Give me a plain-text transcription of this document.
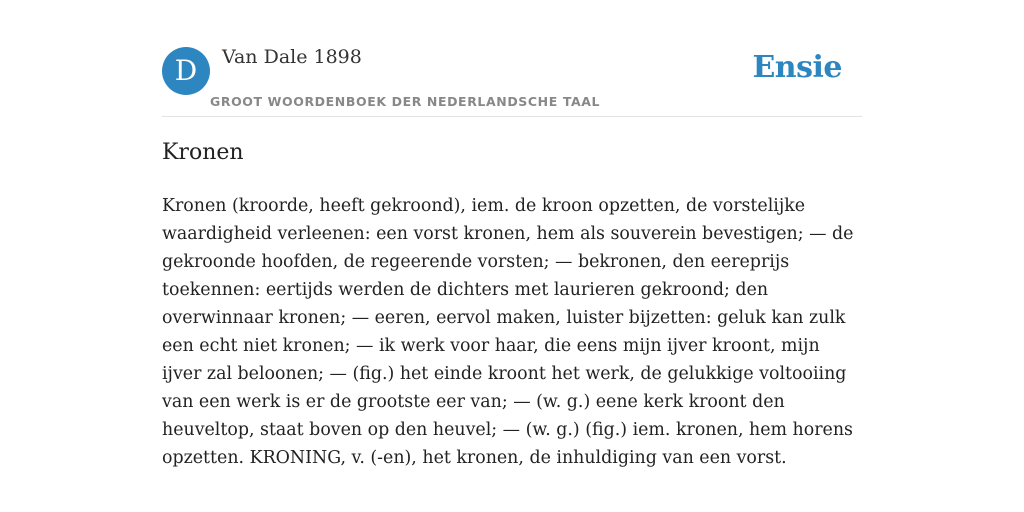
D	Van Dale 1898
GROOT WOORDENBOEK DER NEDERLANDSCHE TAAL
Ensie
Kronen

Kronen (kroorde, heeft gekroond), iem. de kroon opzetten, de vorstelijke waardigheid verleenen: een vorst kronen, hem als souverein bevestigen; — de gekroonde hoofden, de regeerende vorsten; — bekronen, den eereprijs toekennen: eertijds werden de dichters met laurieren gekroond; den overwinnaar kronen; — eeren, eervol maken, luister bijzetten: geluk kan zulk een echt niet kronen; — ik werk voor haar, die eens mijn ijver kroont, mijn ijver zal beloonen; — (fig.) het einde kroont het werk, de gelukkige voltooiing van een werk is er de grootste eer van; — (w. g.) eene kerk kroont den heuveltop, staat boven op den heuvel; — (w. g.) (fig.) iem. kronen, hem horens opzetten. KRONING, v. (-en), het kronen, de inhuldiging van een vorst.
